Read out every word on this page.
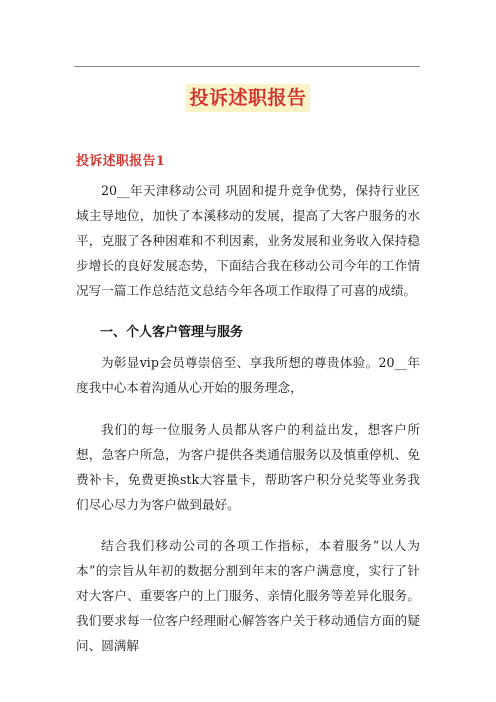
投诉述职报告
投诉述职报告1

20__年天津移动公司 巩固和提升竞争优势，保持行业区域主导地位，加快了本溪移动的发展，提高了大客户服务的水平，克服了各种困难和不利因素，业务发展和业务收入保持稳步增长的良好发展态势，下面结合我在移动公司今年的工作情况写一篇工作总结范文总结今年各项工作取得了可喜的成绩。

一、个人客户管理与服务

为彰显vip会员尊崇倍至、享我所想的尊贵体验。20__年度我中心本着沟通从心开始的服务理念，

我们的每一位服务人员都从客户的利益出发，想客户所想，急客户所急，为客户提供各类通信服务以及慎重停机、免费补卡，免费更换stk大容量卡，帮助客户积分兑奖等业务我们尽心尽力为客户做到最好。

结合我们移动公司的各项工作指标，本着服务“以人为本”的宗旨从年初的数据分割到年末的客户满意度，实行了针对大客户、重要客户的上门服务、亲情化服务等差异化服务。我们要求每一位客户经理耐心解答客户关于移动通信方面的疑问、圆满解
